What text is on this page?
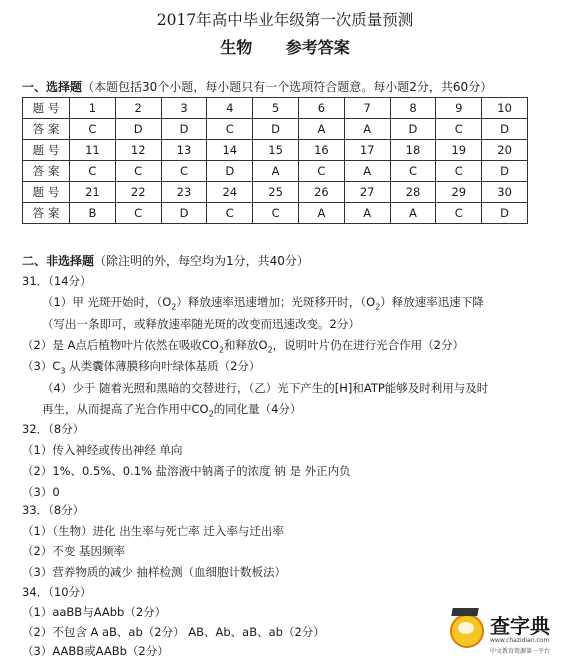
2017年高中毕业年级第一次质量预测
生物 参考答案
一、选择题（本题包括30个小题，每小题只有一个选项符合题意。每小题2分，共60分）
题 号	1	2	3	4	5	6	7	8	9	10
答 案	C	D	D	C	D	A	A	D	C	D
题 号	11	12	13	14	15	16	17	18	19	20
答 案	C	C	C	D	A	C	A	C	C	D
题 号	21	22	23	24	25	26	27	28	29	30
答 案	B	C	D	C	C	A	A	A	C	D
二、非选择题（除注明的外，每空均为1分，共40分）
31．（14分）
（1）甲 光斑开始时，$(O_2)$释放速率迅速增加；光斑移开时，$(O_2)$释放速率迅速下降
（写出一条即可，或释放速率随光斑的改变而迅速改变。2分）
（2）是 A点后植物叶片依然在吸收$CO_2$和释放$O_2$，说明叶片仍在进行光合作用（2分）
$(3)C_3$ 从类囊体薄膜移向叶绿体基质（2分）
（4）少于 随着光照和黑暗的交替进行，（乙）光下产生的[H]和ATP能够及时利用与及时
再生，从而提高了光合作用中$CO_2$的同化量（4分）
32．（8分）
（1）传入神经或传出神经 单向
（2）1%、0.5%、0.1% 盐溶液中钠离子的浓度 钠 是 外正内负
（3）0
33．（8分）
（1）（生物）进化 出生率与死亡率 迁入率与迁出率
（2）不变 基因频率
（3）营养物质的减少 抽样检测（血细胞计数板法）
34．（10分）
（1）aaBB与AAbb（2分）
（2）不包含 A aB、ab（2分） AB、Ab、aB、ab（2分）
（3）AABB或AABb（2分）
查字典
www.chazidian.com
中文教育资源第一平台
